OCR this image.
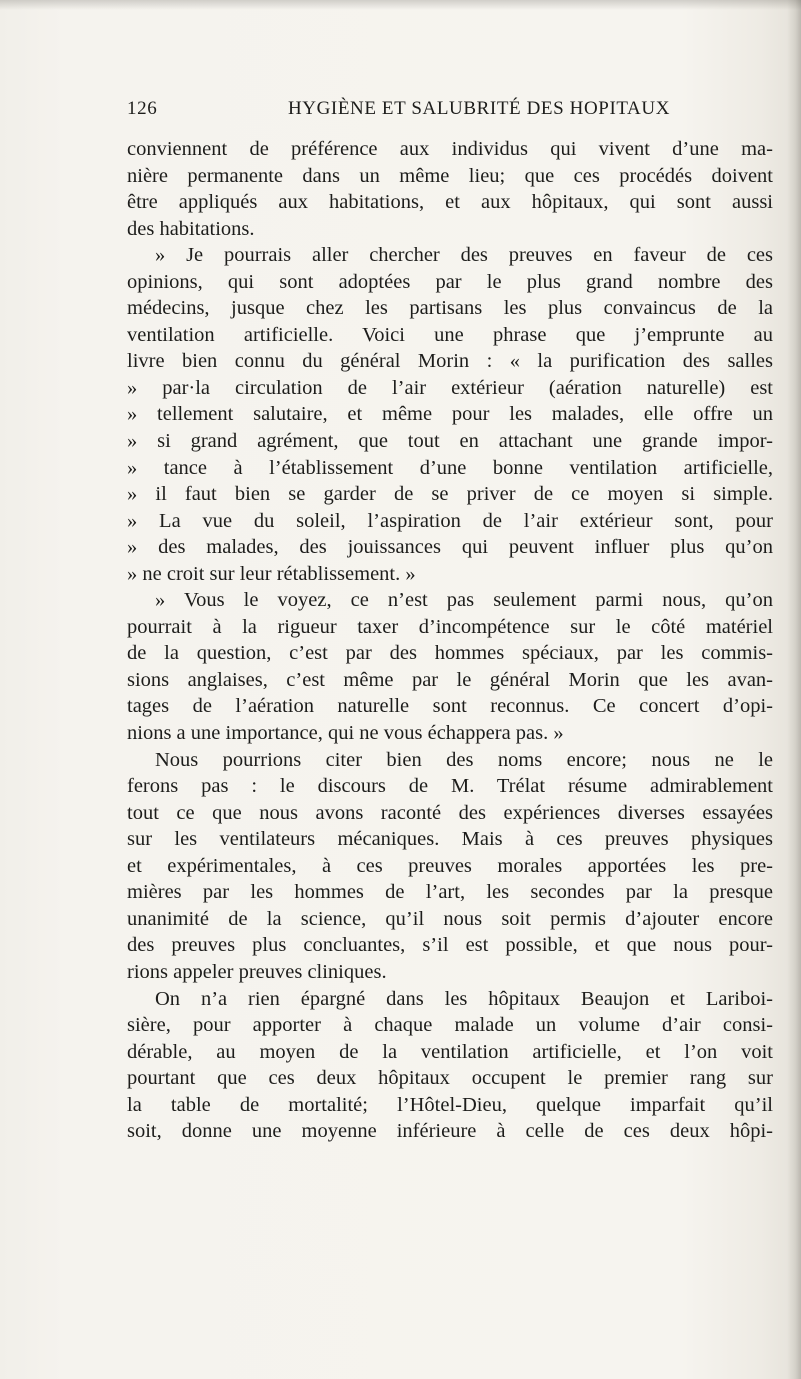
126	HYGIÈNE ET SALUBRITÉ DES HOPITAUX
conviennent de préférence aux individus qui vivent d’une ma-
nière permanente dans un même lieu; que ces procédés doivent
être appliqués aux habitations, et aux hôpitaux, qui sont aussi
des habitations.
» Je pourrais aller chercher des preuves en faveur de ces
opinions, qui sont adoptées par le plus grand nombre des
médecins, jusque chez les partisans les plus convaincus de la
ventilation artificielle. Voici une phrase que j’emprunte au
livre bien connu du général Morin : « la purification des salles
» par·la circulation de l’air extérieur (aération naturelle) est
» tellement salutaire, et même pour les malades, elle offre un
» si grand agrément, que tout en attachant une grande impor-
» tance à l’établissement d’une bonne ventilation artificielle,
» il faut bien se garder de se priver de ce moyen si simple.
» La vue du soleil, l’aspiration de l’air extérieur sont, pour
» des malades, des jouissances qui peuvent influer plus qu’on
» ne croit sur leur rétablissement. »
» Vous le voyez, ce n’est pas seulement parmi nous, qu’on
pourrait à la rigueur taxer d’incompétence sur le côté matériel
de la question, c’est par des hommes spéciaux, par les commis-
sions anglaises, c’est même par le général Morin que les avan-
tages de l’aération naturelle sont reconnus. Ce concert d’opi-
nions a une importance, qui ne vous échappera pas. »
Nous pourrions citer bien des noms encore; nous ne le
ferons pas : le discours de M. Trélat résume admirablement
tout ce que nous avons raconté des expériences diverses essayées
sur les ventilateurs mécaniques. Mais à ces preuves physiques
et expérimentales, à ces preuves morales apportées les pre-
mières par les hommes de l’art, les secondes par la presque
unanimité de la science, qu’il nous soit permis d’ajouter encore
des preuves plus concluantes, s’il est possible, et que nous pour-
rions appeler preuves cliniques.
On n’a rien épargné dans les hôpitaux Beaujon et Lariboi-
sière, pour apporter à chaque malade un volume d’air consi-
dérable, au moyen de la ventilation artificielle, et l’on voit
pourtant que ces deux hôpitaux occupent le premier rang sur
la table de mortalité; l’Hôtel-Dieu, quelque imparfait qu’il
soit, donne une moyenne inférieure à celle de ces deux hôpi-
